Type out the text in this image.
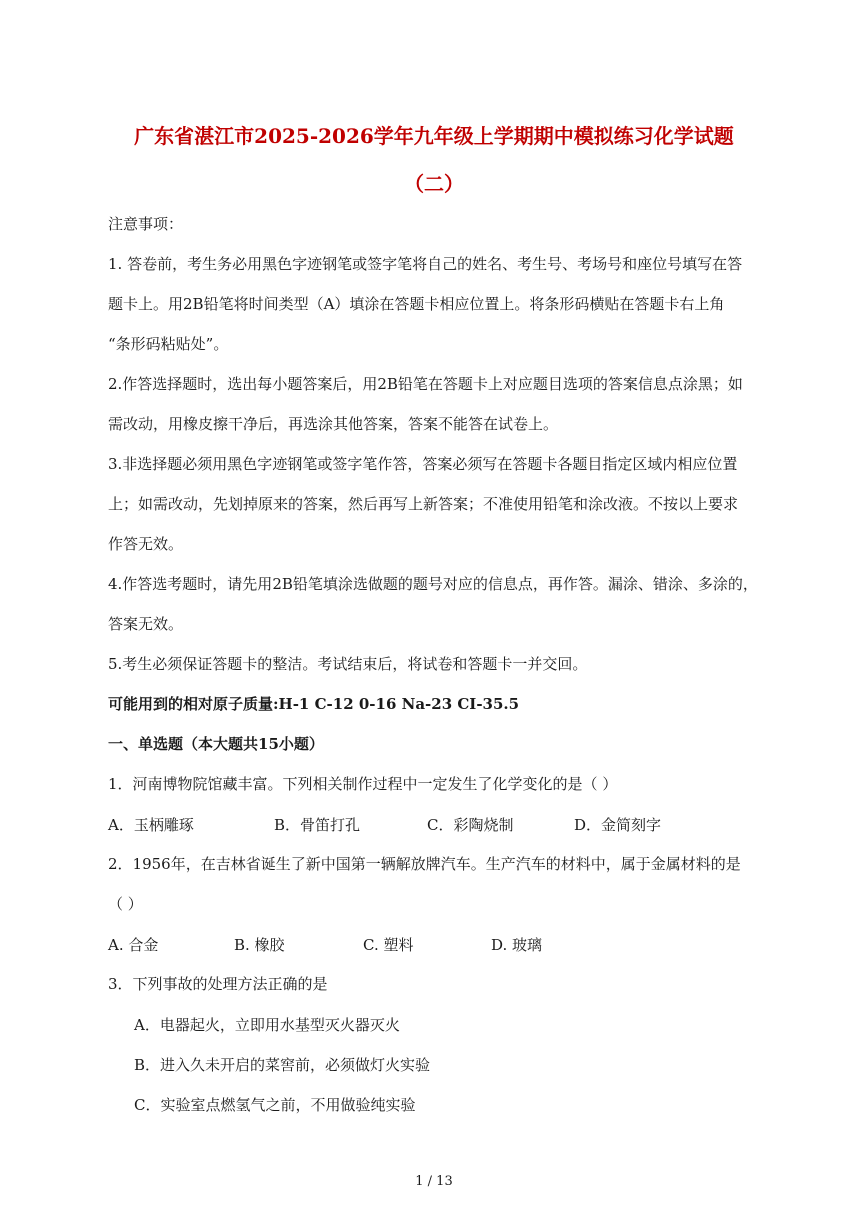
广东省湛江市2025-2026学年九年级上学期期中模拟练习化学试题
（二）
注意事项：
1. 答卷前，考生务必用黑色字迹钢笔或签字笔将自己的姓名、考生号、考场号和座位号填写在答
题卡上。用2B铅笔将时间类型（A）填涂在答题卡相应位置上。将条形码横贴在答题卡右上角
“条形码粘贴处”。
2.作答选择题时，选出每小题答案后，用2B铅笔在答题卡上对应题目选项的答案信息点涂黑；如
需改动，用橡皮擦干净后，再选涂其他答案，答案不能答在试卷上。
3.非选择题必须用黑色字迹钢笔或签字笔作答，答案必须写在答题卡各题目指定区域内相应位置
上；如需改动，先划掉原来的答案，然后再写上新答案；不准使用铅笔和涂改液。不按以上要求
作答无效。
4.作答选考题时，请先用2B铅笔填涂选做题的题号对应的信息点，再作答。漏涂、错涂、多涂的，
答案无效。
5.考生必须保证答题卡的整洁。考试结束后，将试卷和答题卡一并交回。
可能用到的相对原子质量:H-1 C-12 0-16 Na-23 CI-35.5
一、单选题（本大题共15小题）
1．河南博物院馆藏丰富。下列相关制作过程中一定发生了化学变化的是（ ）
A．玉柄雕琢	B．骨笛打孔	C．彩陶烧制	D．金简刻字
2．1956年，在吉林省诞生了新中国第一辆解放牌汽车。生产汽车的材料中，属于金属材料的是
（ ）
A. 合金	B. 橡胶	C. 塑料	D. 玻璃
3．下列事故的处理方法正确的是
A．电器起火，立即用水基型灭火器灭火
B．进入久未开启的菜窖前，必须做灯火实验
C．实验室点燃氢气之前，不用做验纯实验
1 / 13
